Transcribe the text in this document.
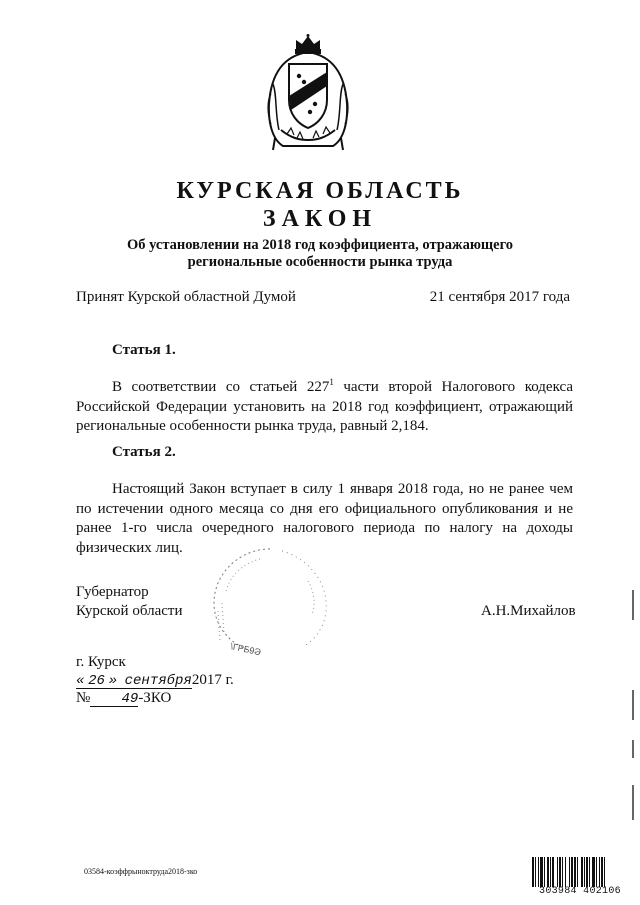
КУРСКАЯ ОБЛАСТЬ
ЗАКОН
Об установлении на 2018 год коэффициента, отражающего
региональные особенности рынка труда
Принят Курской областной Думой	21 сентября 2017 года
Статья 1.

В соответствии со статьей $227^1$ части второй Налогового кодекса Российской Федерации установить на 2018 год коэффициент, отражающий региональные особенности рынка труда, равный 2,184.

Статья 2.

Настоящий Закон вступает в силу 1 января 2018 года, но не ранее чем по истечении одного месяца со дня его официального опубликования и не ранее 1-го числа очередного налогового периода по налогу на доходы физических лиц.

\ГРБ9Э
Губернатор
Курской области	А.Н.Михайлов
г. Курск
« 26 » сентября2017 г.
№ 49-ЗКО
03584-коэффрынoктруда2018-зко
303984 402106
